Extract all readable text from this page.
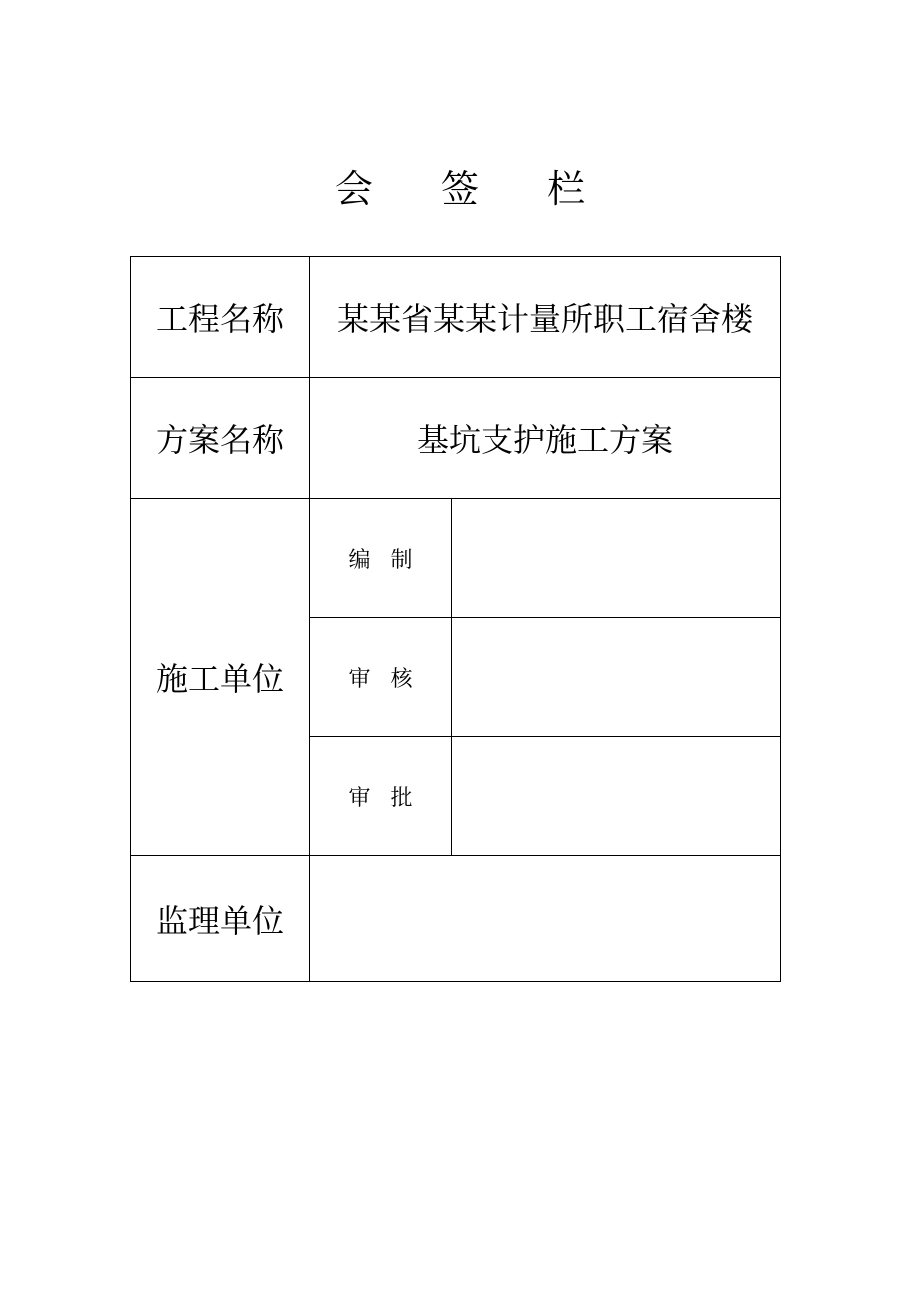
会 签 栏
工程名称	某某省某某计量所职工宿舍楼	
方案名称	基坑支护施工方案	
施工单位	编 制	
	审 核	
	审 批	
监理单位		
